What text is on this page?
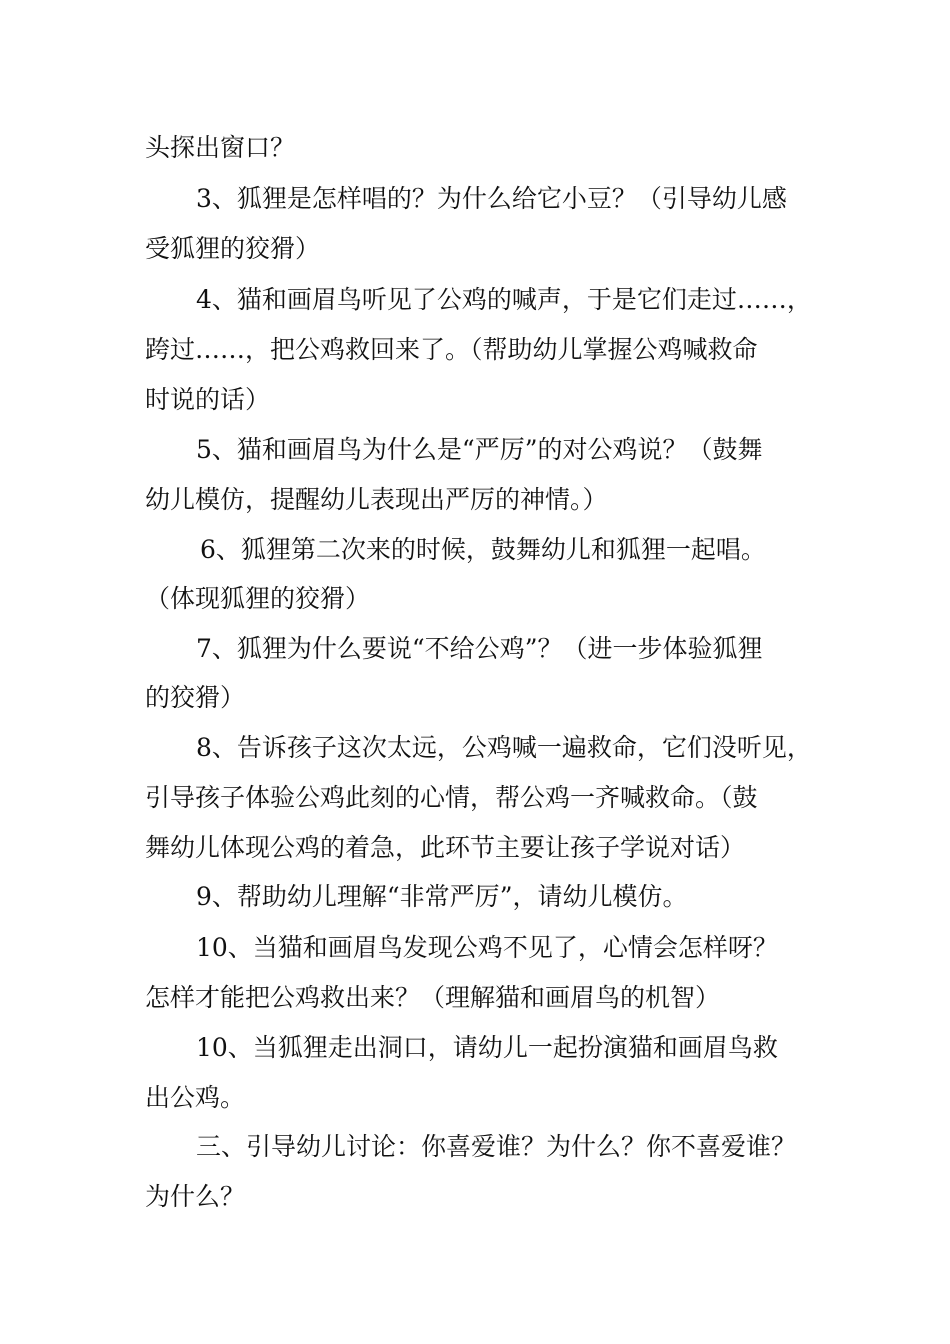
头探出窗口？
3、狐狸是怎样唱的？为什么给它小豆？（引导幼儿感
受狐狸的狡猾）
4、猫和画眉鸟听见了公鸡的喊声，于是它们走过……，
跨过……，把公鸡救回来了。（帮助幼儿掌握公鸡喊救命
时说的话）
5、猫和画眉鸟为什么是“严厉”的对公鸡说？（鼓舞
幼儿模仿，提醒幼儿表现出严厉的神情。）
6、狐狸第二次来的时候，鼓舞幼儿和狐狸一起唱。
（体现狐狸的狡猾）
7、狐狸为什么要说“不给公鸡”？（进一步体验狐狸
的狡猾）
8、告诉孩子这次太远，公鸡喊一遍救命，它们没听见，
引导孩子体验公鸡此刻的心情，帮公鸡一齐喊救命。（鼓
舞幼儿体现公鸡的着急，此环节主要让孩子学说对话）
9、帮助幼儿理解“非常严厉”，请幼儿模仿。
10、当猫和画眉鸟发现公鸡不见了，心情会怎样呀？
怎样才能把公鸡救出来？（理解猫和画眉鸟的机智）
10、当狐狸走出洞口，请幼儿一起扮演猫和画眉鸟救
出公鸡。
三、引导幼儿讨论：你喜爱谁？为什么？你不喜爱谁？
为什么？
